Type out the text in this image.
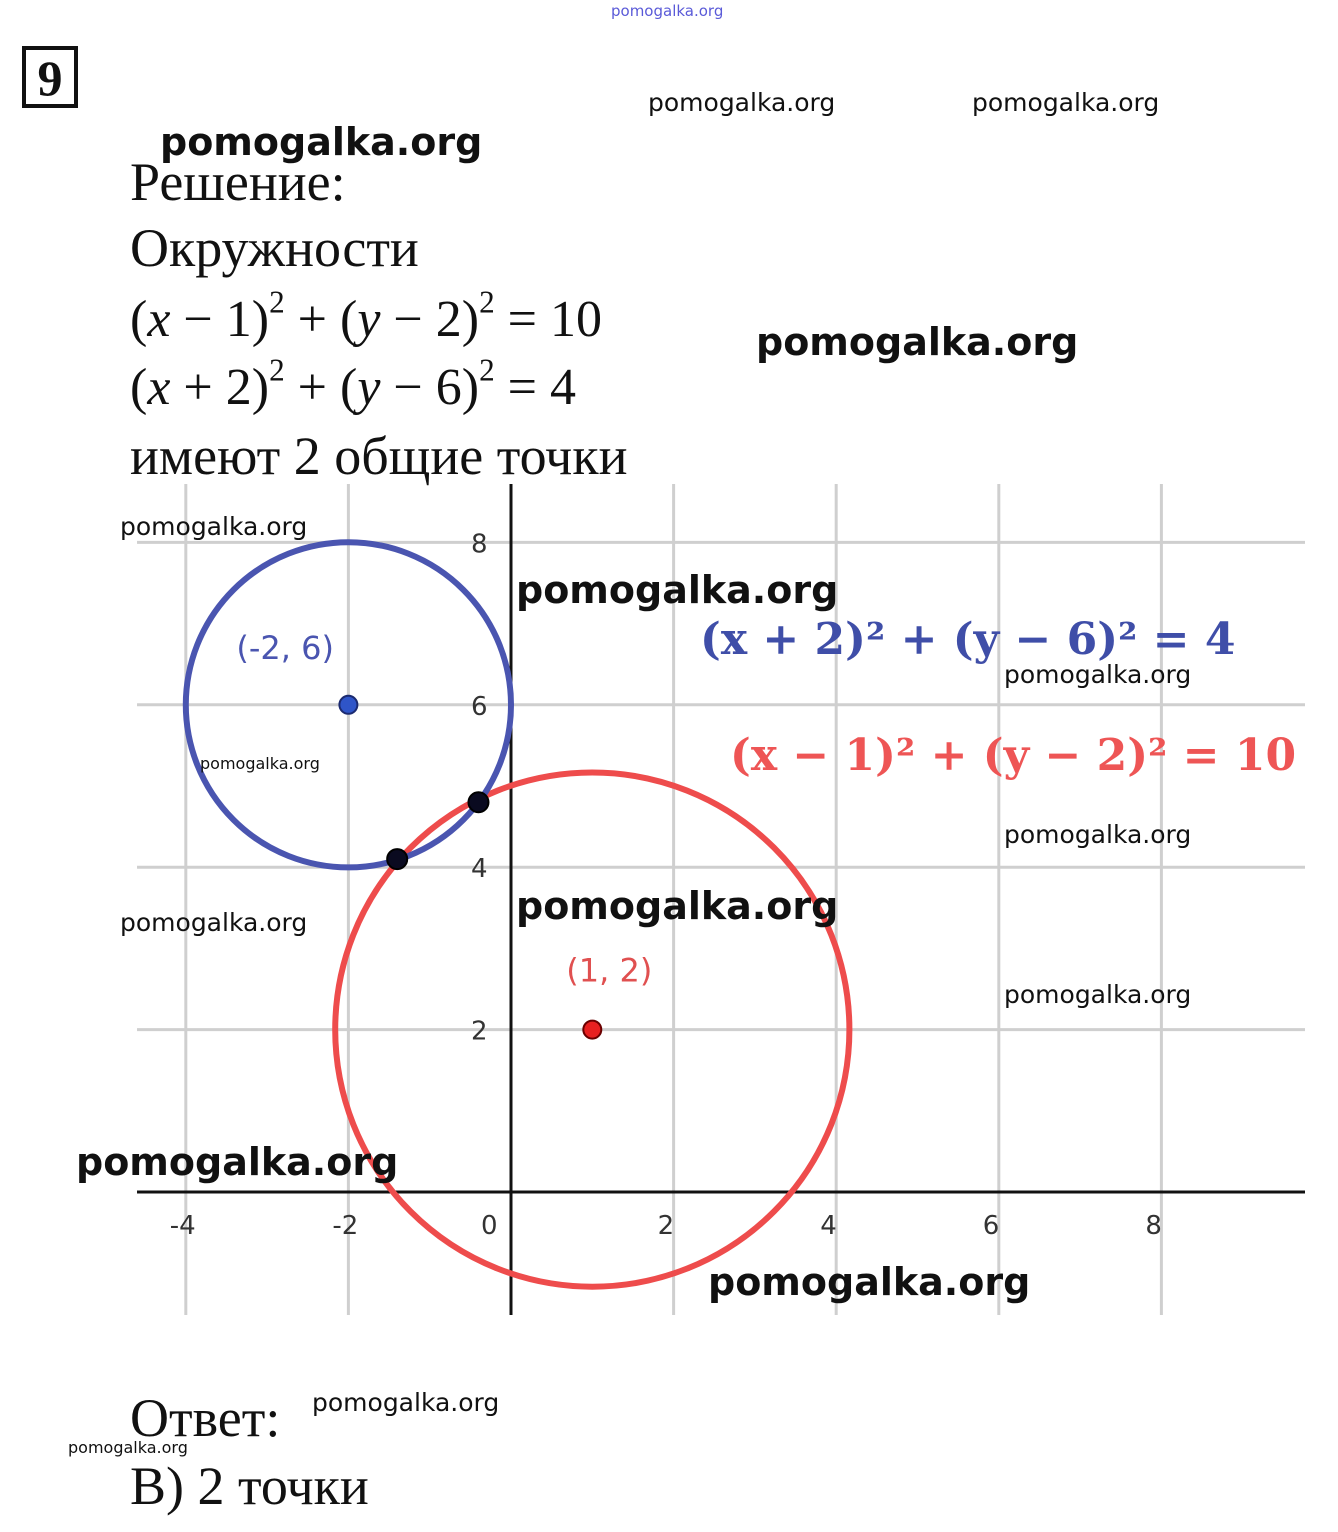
pomogalka.org
9
Решение:
Окружности
$(x - 1)^2 + (y - 2)^2 = 10$
$(x + 2)^2 + (y - 6)^2 = 4$
имеют 2 общие точки
-4	-2	0	2	4	6	8
8
6
4
2
(-2, 6)
(1, 2)
(x + 2)² + (y − 6)² = 4
(x − 1)² + (y − 2)² = 10
Ответ:
В) 2 точки
pomogalka.org	pomogalka.org
pomogalka.org
pomogalka.org
pomogalka.org
pomogalka.org
pomogalka.org
pomogalka.org
pomogalka.org
pomogalka.org
pomogalka.org
pomogalka.org
pomogalka.org
pomogalka.org
pomogalka.org
pomogalka.org
